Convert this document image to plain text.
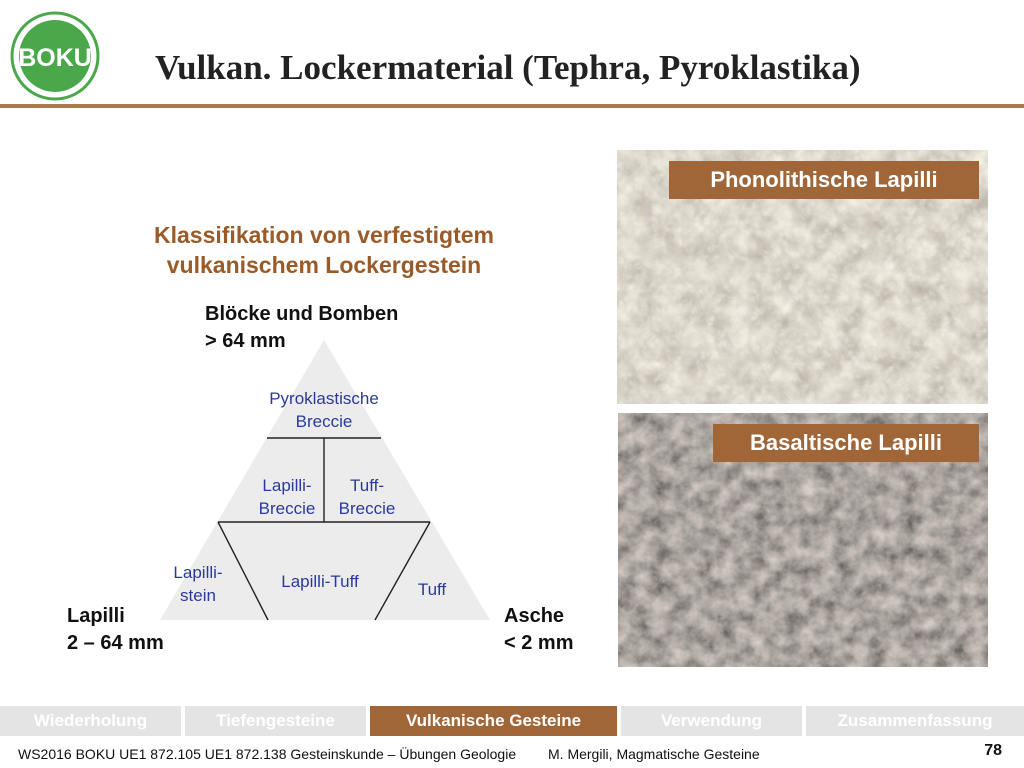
BOKU Vulkan. Lockermaterial (Tephra, Pyroklastika)
Klassifikation von verfestigtem
vulkanischem Lockergestein
Blöcke und Bomben
> 64 mm
Lapilli
2 – 64 mm
Asche
< 2 mm
Pyroklastische
Breccie
Lapilli-
Breccie
Tuff-
Breccie
Lapilli-
stein
Lapilli-Tuff	Tuff
Phonolithische Lapilli
Basaltische Lapilli
Wiederholung	Tiefengesteine	Vulkanische Gesteine	Verwendung	Zusammenfassung
WS2016 BOKU UE1 872.105 UE1 872.138 Gesteinskunde – Übungen Geologie M. Mergili, Magmatische Gesteine	78
